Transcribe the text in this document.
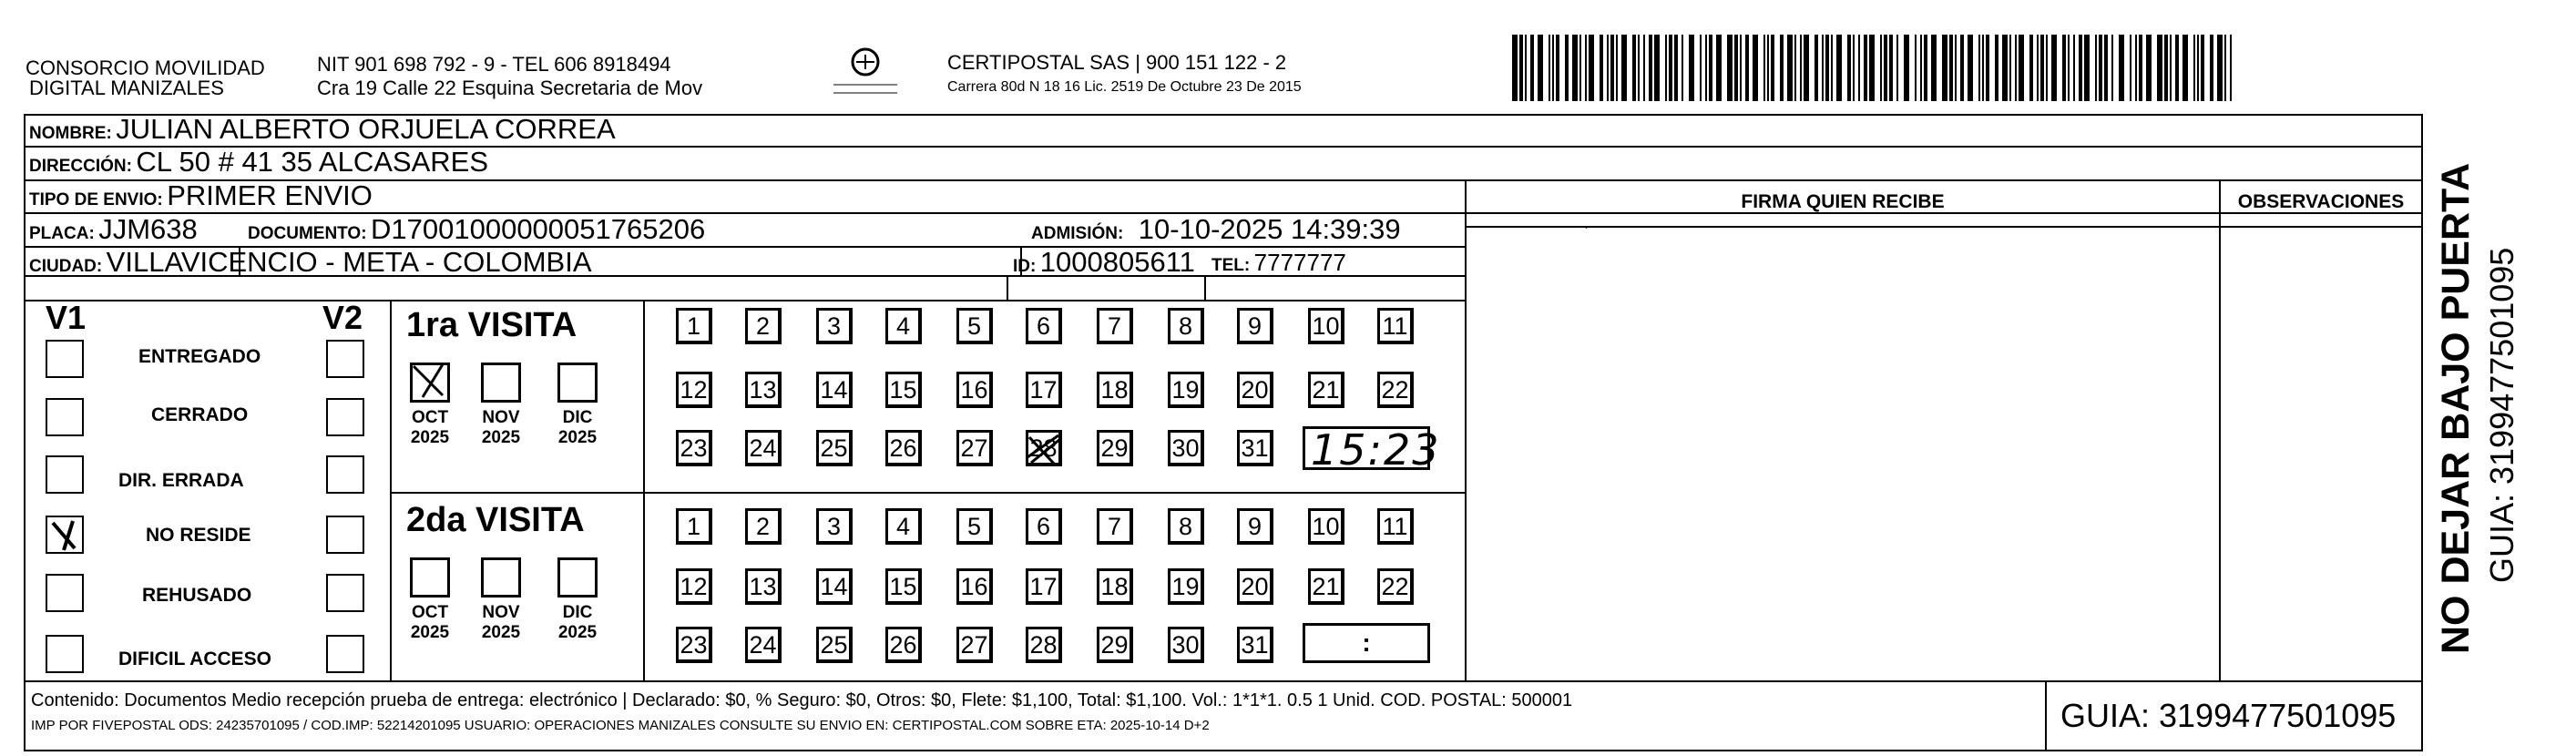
CONSORCIO MOVILIDAD
DIGITAL MANIZALES
NIT 901 698 792 - 9 - TEL 606 8918494
Cra 19 Calle 22 Esquina Secretaria de Mov
CERTIPOSTAL SAS | 900 151 122 - 2
Carrera 80d N 18 16 Lic. 2519 De Octubre 23 De 2015
NOMBRE: JULIAN ALBERTO ORJUELA CORREA
DIRECCIÓN: CL 50 # 41 35 ALCASARES
TIPO DE ENVIO: PRIMER ENVIO
PLACA: JJM638	DOCUMENTO: D17001000000051765206	ADMISIÓN: 10-10-2025 14:39:39
CIUDAD: VILLAVICENCIO - META - COLOMBIA	ID: 1000805611 TEL: 7777777
FIRMA QUIEN RECIBE	OBSERVACIONES
´
V1	V2
ENTREGADO
CERRADO
DIR. ERRADA
NO RESIDE
REHUSADO
DIFICIL ACCESO
1ra VISITA
2da VISITA
OCT
2025
NOV
2025
DIC
2025
OCT
2025
NOV
2025
DIC
2025
1	2	3	4	5	6	7	8	9	10 11
12 13 14 15 16 17 18 19 20 21 22
23 24 25 26 27 28 29 30 31
1	2	3	4	5	6	7	8	9	10 11
12 13 14 15 16 17 18 19 20 21 22
23 24 25 26 27 28 29 30 31
15:23
:
Contenido: Documentos Medio recepción prueba de entrega: electrónico | Declarado: $0, % Seguro: $0, Otros: $0, Flete: $1,100, Total: $1,100. Vol.: 1*1*1. 0.5 1 Unid. COD. POSTAL: 500001
IMP POR FIVEPOSTAL ODS: 24235701095 / COD.IMP: 52214201095 USUARIO: OPERACIONES MANIZALES CONSULTE SU ENVIO EN: CERTIPOSTAL.COM SOBRE ETA: 2025-10-14 D+2	GUIA: 3199477501095
NO DEJAR BAJO PUERTA GUIA: 3199477501095
